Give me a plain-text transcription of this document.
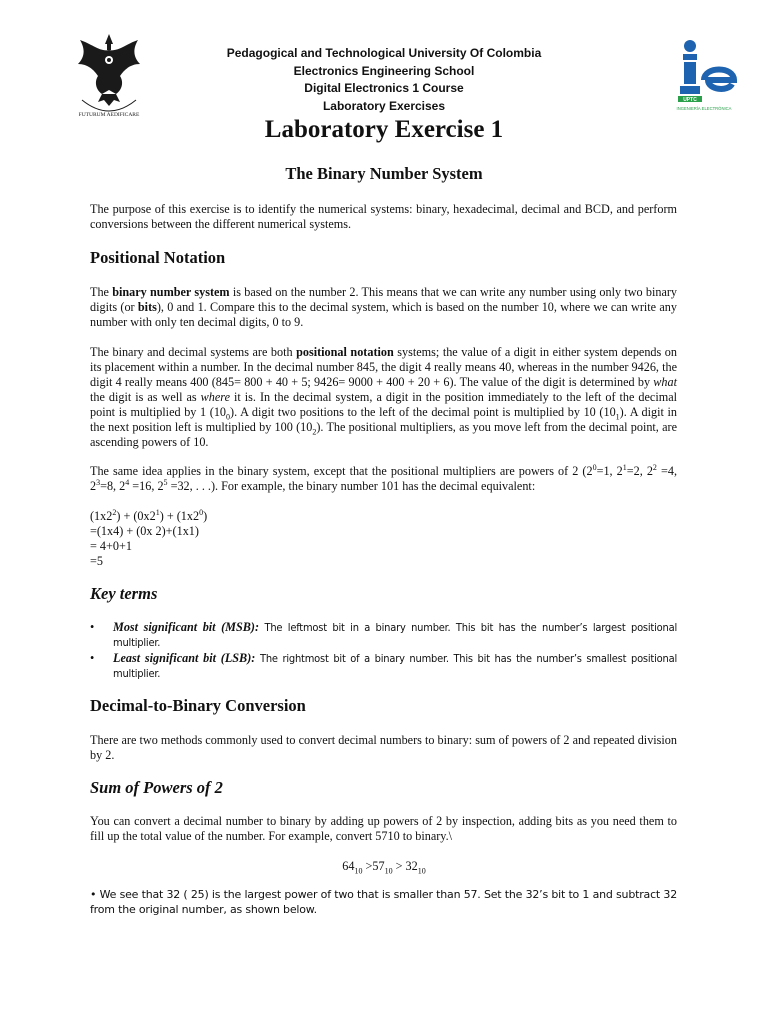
FUTURUM AEDIFICARE
UPTC
INGENIERÍA ELECTRÓNICA
Pedagogical and Technological University Of Colombia
Electronics Engineering School
Digital Electronics 1 Course
Laboratory Exercises
Laboratory Exercise 1
The Binary Number System
The purpose of this exercise is to identify the numerical systems: binary, hexadecimal, decimal and BCD, and perform conversions between the different numerical systems.
Positional Notation
The binary number system is based on the number 2. This means that we can write any number using only two binary digits (or bits), 0 and 1. Compare this to the decimal system, which is based on the number 10, where we can write any number with only ten decimal digits, 0 to 9.
The binary and decimal systems are both positional notation systems; the value of a digit in either system depends on its placement within a number. In the decimal number 845, the digit 4 really means 40, whereas in the number 9426, the digit 4 really means 400 (845= 800 + 40 + 5; 9426= 9000 + 400 + 20 + 6). The value of the digit is determined by what the digit is as well as where it is. In the decimal system, a digit in the position immediately to the left of the decimal point is multiplied by 1 $(10_0)$. A digit two positions to the left of the decimal point is multiplied by 10 $(10_1)$. A digit in the next position left is multiplied by 100 $(10_2)$. The positional multipliers, as you move left from the decimal point, are ascending powers of 10.
The same idea applies in the binary system, except that the positional multipliers are powers of 2 ($2^0=1$, $2^1=2$, $2^2 =4$, $2^3=8$, $2^4 =16$, $2^5 =32$, . . .). For example, the binary number 101 has the decimal equivalent:
$(1x2^2) + (0x2^1) + (1x2^0)$
=(1x4) + (0x 2)+(1x1)
= 4+0+1
=5
Key terms
• Most significant bit (MSB): The leftmost bit in a binary number. This bit has the number’s largest positional multiplier.
• Least significant bit (LSB): The rightmost bit of a binary number. This bit has the number’s smallest positional multiplier.
Decimal-to-Binary Conversion
There are two methods commonly used to convert decimal numbers to binary: sum of powers of 2 and repeated division by 2.
Sum of Powers of 2
You can convert a decimal number to binary by adding up powers of 2 by inspection, adding bits as you need them to fill up the total value of the number. For example, convert 5710 to binary.\
$64_{10} >57_{10} > 32_{10}$
• We see that 32 ( 25) is the largest power of two that is smaller than 57. Set the 32’s bit to 1 and subtract 32 from the original number, as shown below.
